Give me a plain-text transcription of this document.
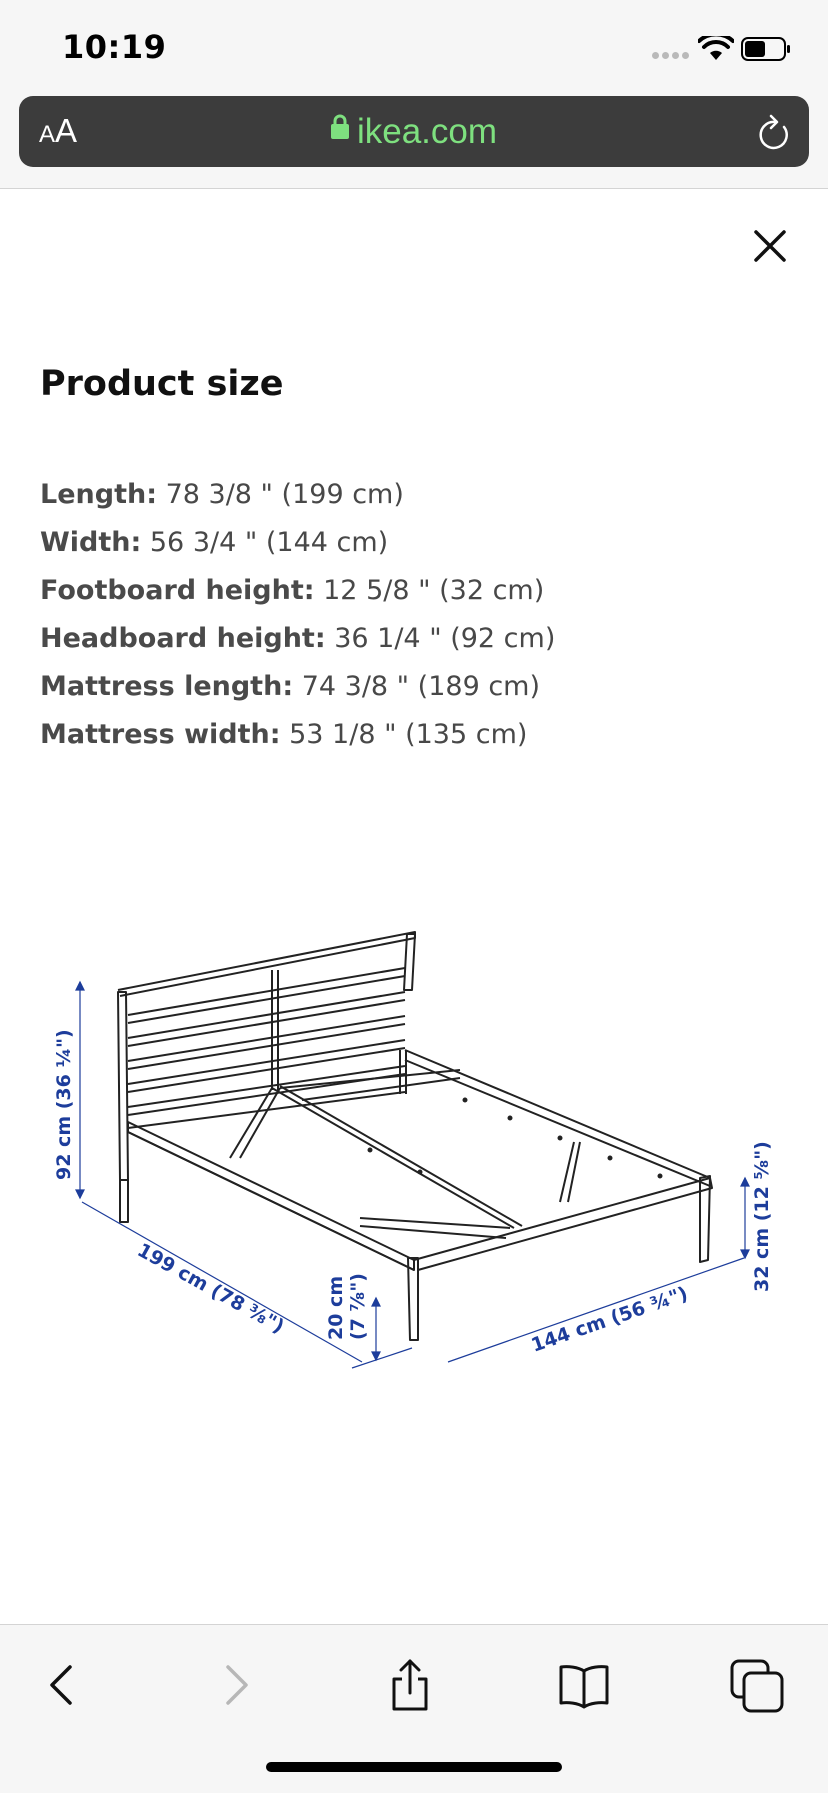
10:19
AA	ikea.com
Product size
Length: 78 3/8 " (199 cm)
Width: 56 3/4 " (144 cm)
Footboard height: 12 5/8 " (32 cm)
Headboard height: 36 1/4 " (92 cm)
Mattress length: 74 3/8 " (189 cm)
Mattress width: 53 1/8 " (135 cm)
92 cm (36 ¼")
199 cm (78 ³⁄₈") 20 cm (7 ⁷⁄₈")	144 cm (56 ¾")
32 cm (12 ⁵⁄₈")
